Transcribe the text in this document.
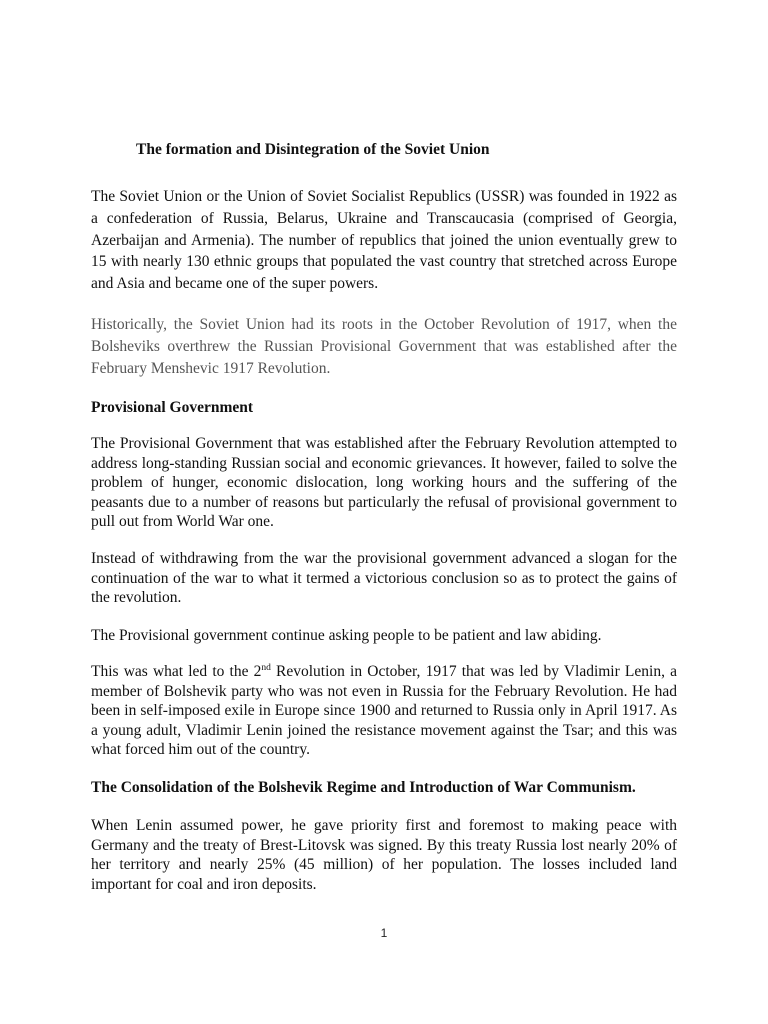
The formation and Disintegration of the Soviet Union

The Soviet Union or the Union of Soviet Socialist Republics (USSR) was founded in 1922 as a confederation of Russia, Belarus, Ukraine and Transcaucasia (comprised of Georgia, Azerbaijan and Armenia). The number of republics that joined the union eventually grew to 15 with nearly 130 ethnic groups that populated the vast country that stretched across Europe and Asia and became one of the super powers.

Historically, the Soviet Union had its roots in the October Revolution of 1917, when the Bolsheviks overthrew the Russian Provisional Government that was established after the February Menshevic 1917 Revolution.

Provisional Government

The Provisional Government that was established after the February Revolution attempted to address long-standing Russian social and economic grievances. It however, failed to solve the problem of hunger, economic dislocation, long working hours and the suffering of the peasants due to a number of reasons but particularly the refusal of provisional government to pull out from World War one.

Instead of withdrawing from the war the provisional government advanced a slogan for the continuation of the war to what it termed a victorious conclusion so as to protect the gains of the revolution.

The Provisional government continue asking people to be patient and law abiding.

This was what led to the 2nd Revolution in October, 1917 that was led by Vladimir Lenin, a member of Bolshevik party who was not even in Russia for the February Revolution. He had been in self-imposed exile in Europe since 1900 and returned to Russia only in April 1917. As a young adult, Vladimir Lenin joined the resistance movement against the Tsar; and this was what forced him out of the country.

The Consolidation of the Bolshevik Regime and Introduction of War Communism.

When Lenin assumed power, he gave priority first and foremost to making peace with Germany and the treaty of Brest-Litovsk was signed. By this treaty Russia lost nearly 20% of her territory and nearly 25% (45 million) of her population. The losses included land important for coal and iron deposits.

1
